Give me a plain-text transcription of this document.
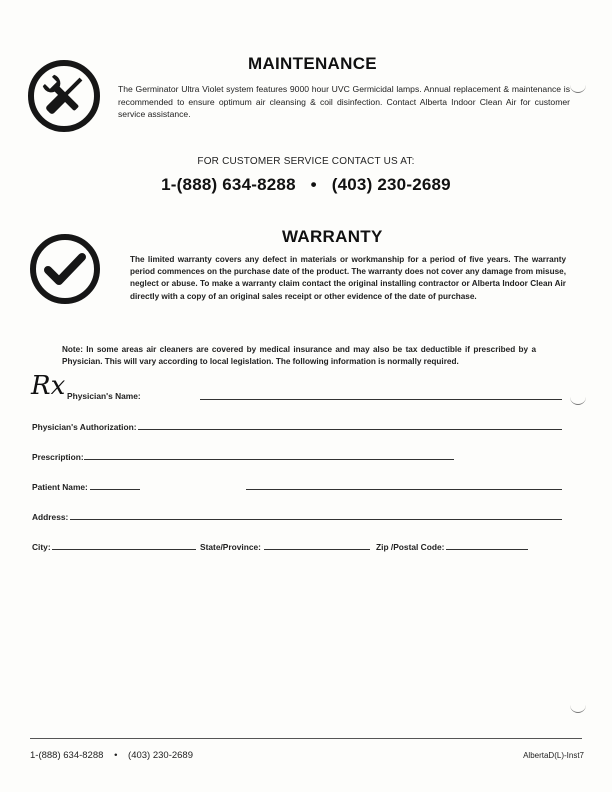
MAINTENANCE
The Germinator Ultra Violet system features 9000 hour UVC Germicidal lamps. Annual replacement & maintenance is recommended to ensure optimum air cleansing & coil disinfection. Contact Alberta Indoor Clean Air for customer service assistance.
FOR CUSTOMER SERVICE CONTACT US AT:
1-(888) 634-8288 • (403) 230-2689
WARRANTY
The limited warranty covers any defect in materials or workmanship for a period of five years. The warranty period commences on the purchase date of the product. The warranty does not cover any damage from misuse, neglect or abuse. To make a warranty claim contact the original installing contractor or Alberta Indoor Clean Air directly with a copy of an original sales receipt or other evidence of the date of purchase.
Note: In some areas air cleaners are covered by medical insurance and may also be tax deductible if prescribed by a Physician. This will vary according to local legislation. The following information is normally required.
Rx Physician's Name:
Physician's Authorization:
Prescription:
Patient Name:
Address:
City:	State/Province:	Zip /Postal Code:
1-(888) 634-8288 • (403) 230-2689	AlbertaD(L)-Inst7
